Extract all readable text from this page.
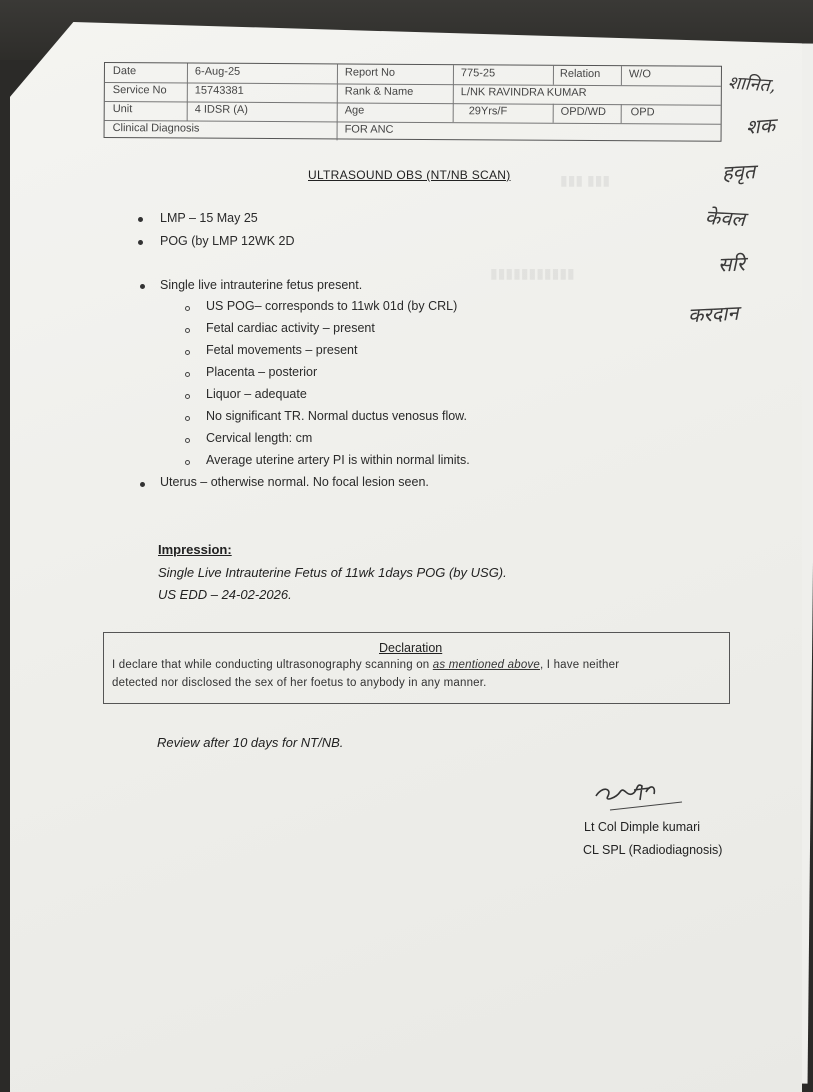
▮▮▮ ▮▮▮
▮▮▮▮▮▮▮▮▮▮▮
Date	6-Aug-25	Report No	775-25	Relation	W/O
Service No	15743381	Rank & Name	L/NK RAVINDRA KUMAR
Unit	4 IDSR (A)	Age	29Yrs/F	OPD/WD OPD
Clinical Diagnosis	FOR ANC
ULTRASOUND OBS (NT/NB SCAN)
LMP – 15 May 25
POG (by LMP 12WK 2D
Single live intrauterine fetus present.
US POG– corresponds to 11wk 01d (by CRL)
Fetal cardiac activity – present
Fetal movements – present
Placenta – posterior
Liquor – adequate
No significant TR. Normal ductus venosus flow.
Cervical length: cm
Average uterine artery PI is within normal limits.
Uterus – otherwise normal. No focal lesion seen.
Impression:
Single Live Intrauterine Fetus of 11wk 1days POG (by USG).
US EDD – 24-02-2026.
Declaration
I declare that while conducting ultrasonography scanning on as mentioned above, I have neither
detected nor disclosed the sex of her foetus to anybody in any manner.
Review after 10 days for NT/NB.
Lt Col Dimple kumari
CL SPL (Radiodiagnosis)
शानित,
शक
हवृत
केवल
सरि
करदान
